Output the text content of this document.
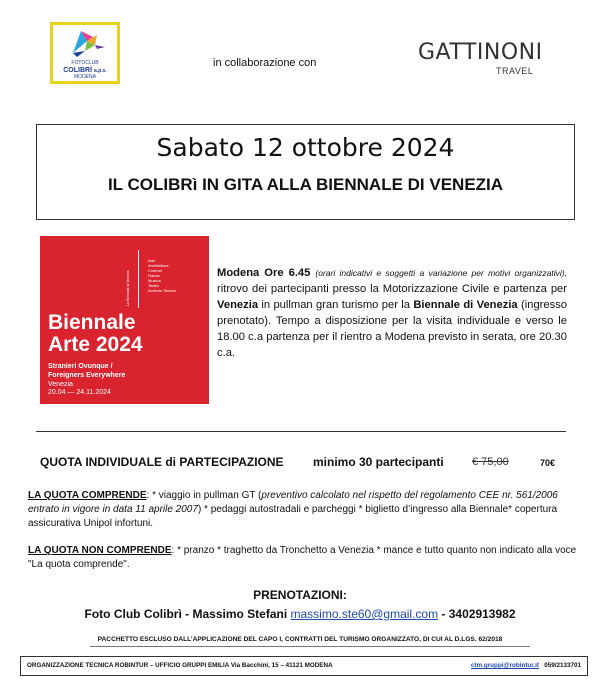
FOTOCLUB
COLIBRÌ a.p.s.
MODENA
in collaborazione con	GATTINONI
TRAVEL
Sabato 12 ottobre 2024
IL COLIBRì IN GITA ALLA BIENNALE DI VENEZIA
La Biennale di Venezia
Arte
Architettura
Cinema
Danza
Musica
Teatro
Archivio Storico
Biennale
Arte 2024
Stranieri Ovunque /
Foreigners Everywhere
Venezia
20.04 — 24.11.2024
Modena Ore 6.45 (orari indicativi e soggetti a variazione per motivi organizzativi), ritrovo dei partecipanti presso la Motorizzazione Civile e partenza per Venezia in pullman gran turismo per la Biennale di Venezia (ingresso prenotato). Tempo a disposizione per la visita individuale e verso le 18.00 c.a partenza per il rientro a Modena previsto in serata, ore 20.30 c.a.
QUOTA INDIVIDUALE di PARTECIPAZIONE minimo 30 partecipanti	€ 75,00	70€
LA QUOTA COMPRENDE: * viaggio in pullman GT (preventivo calcolato nel rispetto del regolamento CEE nr. 561/2006 entrato in vigore in data 11 aprile 2007) * pedaggi autostradali e parcheggi * biglietto d’ingresso alla Biennale* copertura assicurativa Unipol infortuni.
LA QUOTA NON COMPRENDE: * pranzo * traghetto da Tronchetto a Venezia * mance e tutto quanto non indicato alla voce "La quota comprende".
PRENOTAZIONI:
Foto Club Colibrì - Massimo Stefani massimo.ste60@gmail.com - 3402913982
PACCHETTO ESCLUSO DALL’APPLICAZIONE DEL CAPO I, CONTRATTI DEL TURISMO ORGANIZZATO, DI CUI AL D.LGS. 62/2018
ORGANIZZAZIONE TECNICA ROBINTUR – UFFICIO GRUPPI EMILIA Via Bacchini, 15 – 41121 MODENA	ctm.gruppi@robintur.it 059/2133701
